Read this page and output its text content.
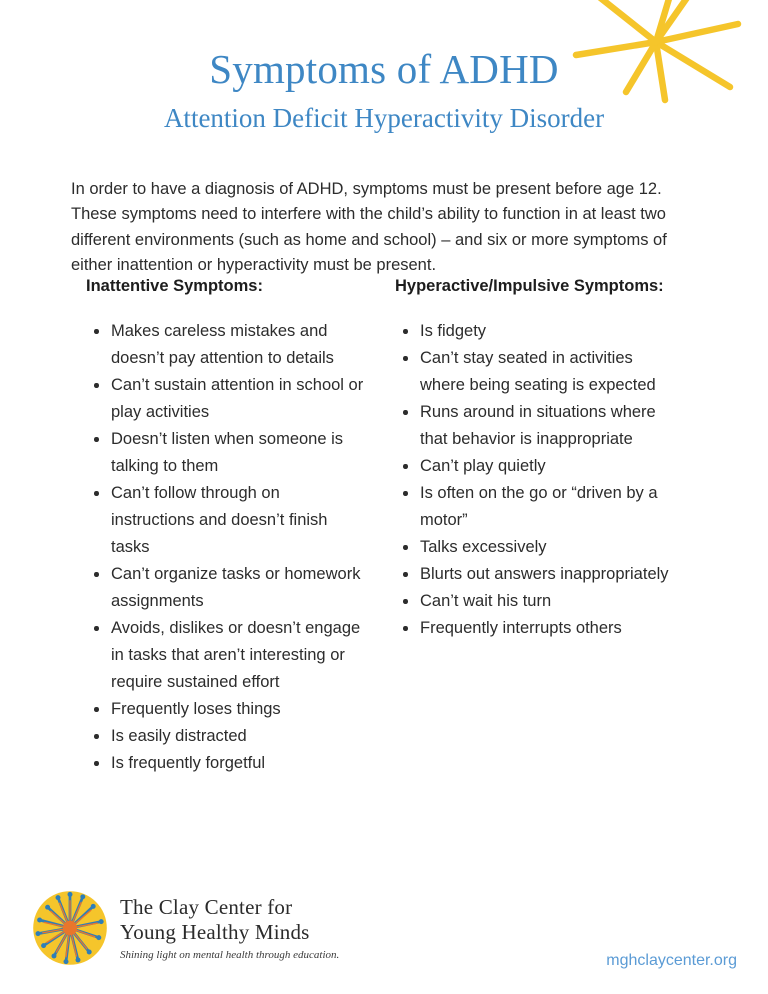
Symptoms of ADHD
Attention Deficit Hyperactivity Disorder

In order to have a diagnosis of ADHD, symptoms must be present before age 12. These symptoms need to interfere with the child’s ability to function in at least two different environments (such as home and school) – and six or more symptoms of either inattention or hyperactivity must be present.

Inattentive Symptoms:
Makes careless mistakes and doesn’t pay attention to details
Can’t sustain attention in school or play activities
Doesn’t listen when someone is talking to them
Can’t follow through on instructions and doesn’t finish tasks
Can’t organize tasks or homework assignments
Avoids, dislikes or doesn’t engage in tasks that aren’t interesting or require sustained effort
Frequently loses things
Is easily distracted
Is frequently forgetful
Hyperactive/Impulsive Symptoms:
Is fidgety
Can’t stay seated in activities where being seating is expected
Runs around in situations where that behavior is inappropriate
Can’t play quietly
Is often on the go or “driven by a motor”
Talks excessively
Blurts out answers inappropriately
Can’t wait his turn
Frequently interrupts others
The Clay Center for
Young Healthy Minds
Shining light on mental health through education.	mghclaycenter.org
